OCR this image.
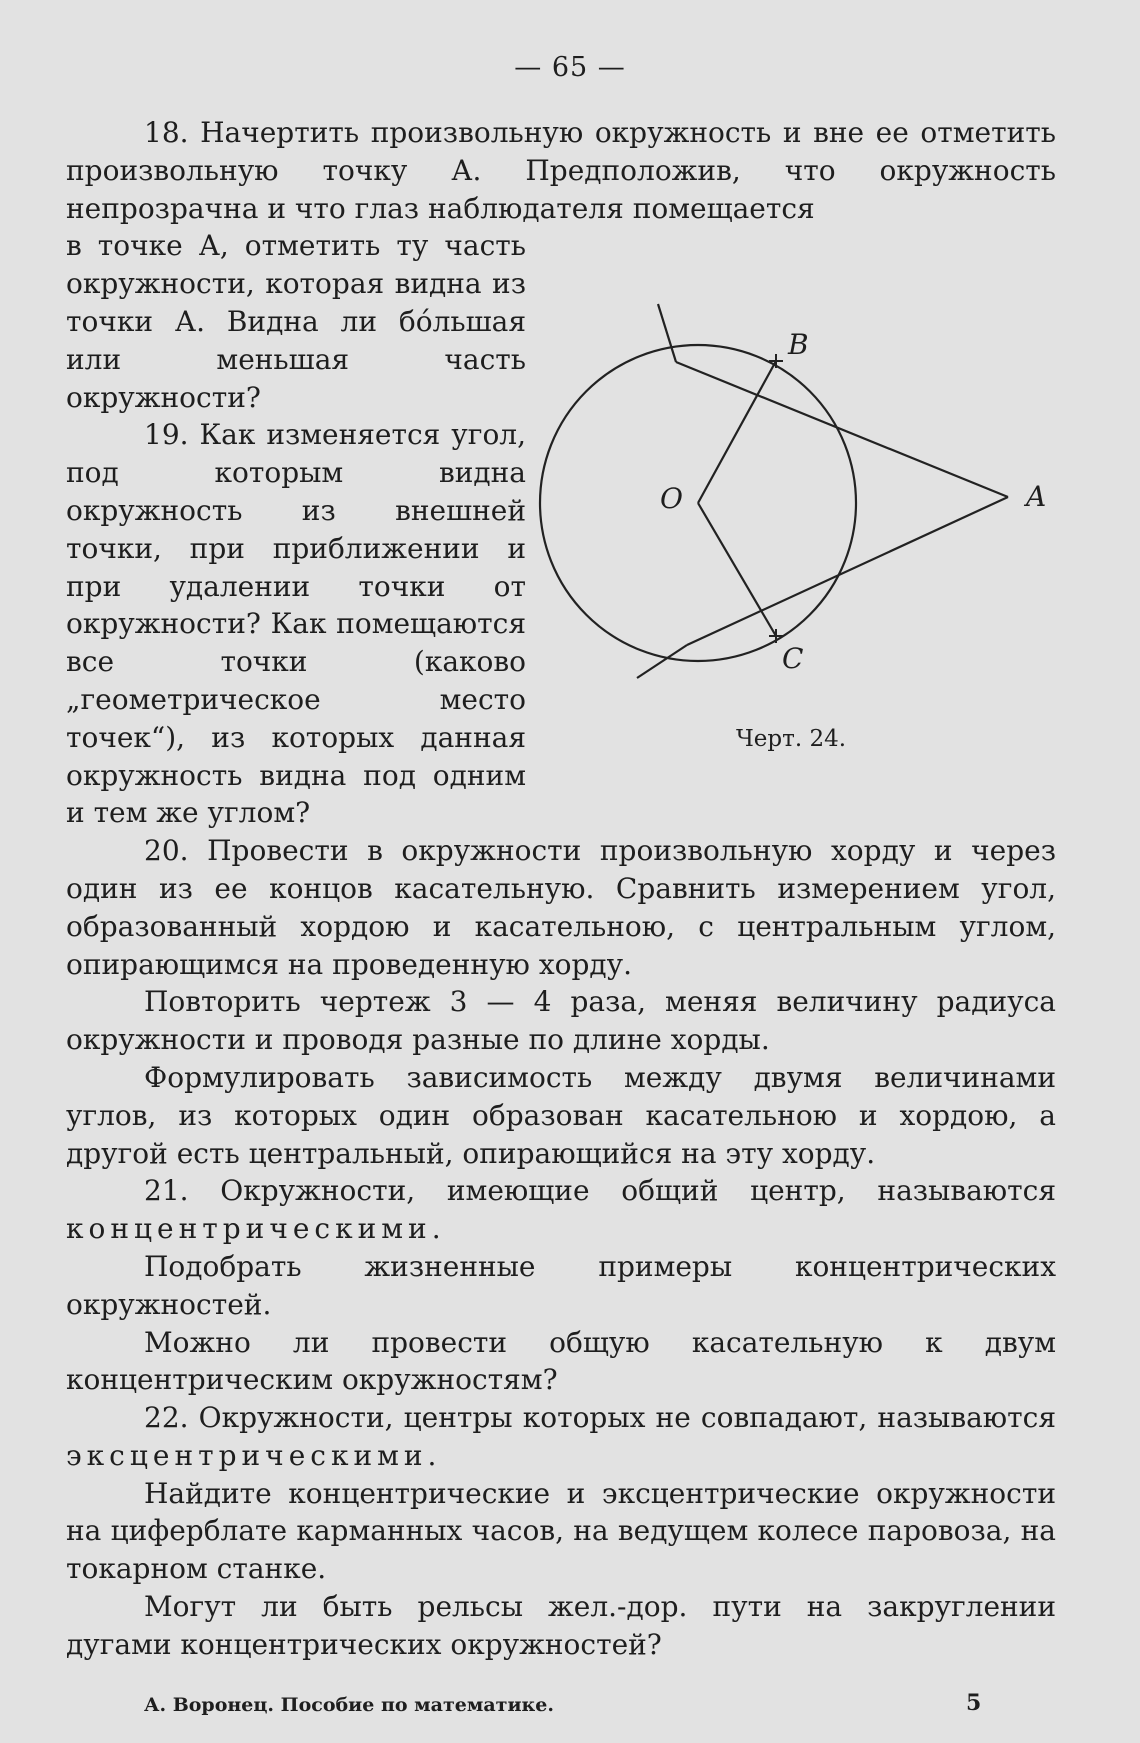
— 65 —

18. Начертить произвольную окружность и вне ее отметить произвольную точку А. Предположив, что окружность непрозрачна и что глаз наблюдателя помещается

в точке А, отметить ту часть окружности, которая видна из точки А. Видна ли бóльшая или меньшая часть окружности?

19. Как изменяется угол, под которым видна окружность из внешней точки, при приближении и при удалении точки от окружности? Как помещаются все точки (каково „геометрическое место точек“), из которых данная окружность видна под одним и тем же углом?

20. Провести в окружности произвольную хорду и через один из ее концов касательную. Сравнить измерением угол, образованный хордою и касательною, с центральным углом, опирающимся на проведенную хорду.

Повторить чертеж 3 — 4 раза, меняя величину радиуса окружности и проводя разные по длине хорды.

Формулировать зависимость между двумя величинами углов, из которых один образован касательною и хордою, а другой есть центральный, опирающийся на эту хорду.

21. Окружности, имеющие общий центр, называются концентрическими.

Подобрать жизненные примеры концентрических окружностей.

Можно ли провести общую касательную к двум концентрическим окружностям?

22. Окружности, центры которых не совпадают, называются эксцентрическими.

Найдите концентрические и эксцентрические окружности на циферблате карманных часов, на ведущем колесе паровоза, на токарном станке.

Могут ли быть рельсы жел.-дор. пути на закруглении дугами концентрических окружностей?

B
O	A
C
Черт. 24.
А. Воронец. Пособие по математике.	5
